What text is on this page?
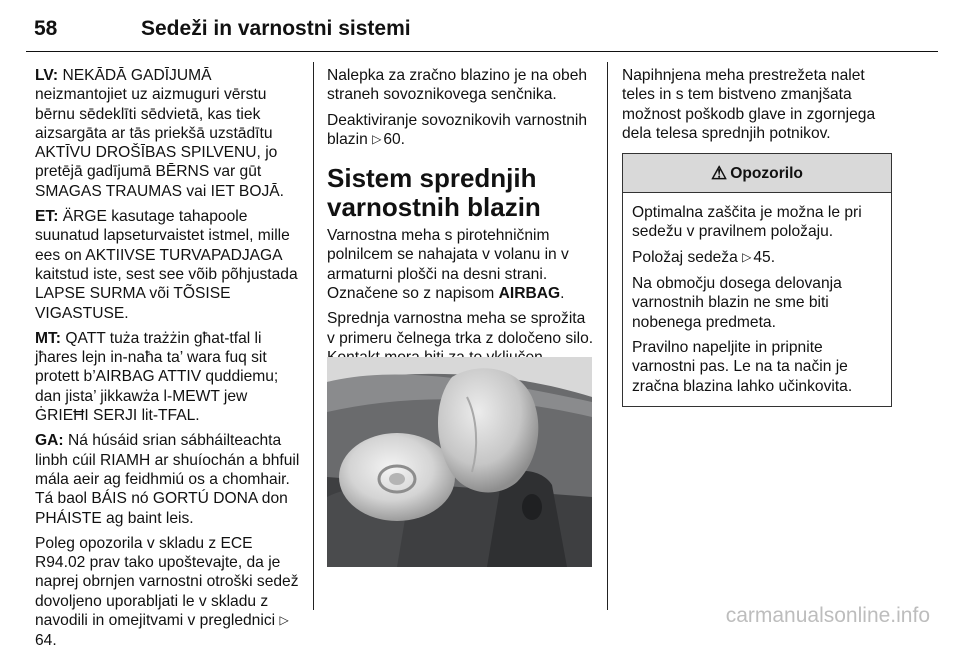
58	Sedeži in varnostni sistemi

LV: NEKĀDĀ GADĪJUMĀ neizmantojiet uz aizmuguri vērstu bērnu sēdeklīti sēdvietā, kas tiek aizsargāta ar tās priekšā uzstādītu AKTĪVU DROŠĪBAS SPILVENU, jo pretējā gadījumā BĒRNS var gūt SMAGAS TRAUMAS vai IET BOJĀ.

ET: ÄRGE kasutage tahapoole suunatud lapseturvaistet istmel, mille ees on AKTIIVSE TURVAPADJAGA kaitstud iste, sest see võib põhjustada LAPSE SURMA või TÕSISE VIGASTUSE.

MT: QATT tuża trażżin għat-tfal li jħares lejn in-naħa ta’ wara fuq sit protett b’AIRBAG ATTIV quddiemu; dan jista’ jikkawża l-MEWT jew ĠRIEĦI SERJI lit-TFAL.

GA: Ná húsáid srian sábháilteachta linbh cúil RIAMH ar shuíochán a bhfuil mála aeir ag feidhmiú os a chomhair. Tá baol BÁIS nó GORTÚ DONA don PHÁISTE ag baint leis.

Poleg opozorila v skladu z ECE R94.02 prav tako upoštevajte, da je naprej obrnjen varnostni otroški sedež dovoljeno uporabljati le v skladu z navodili in omejitvami v preglednici ▷64.

Nalepka za zračno blazino je na obeh straneh sovoznikovega senčnika.

Deaktiviranje sovoznikovih varnostnih blazin ▷ 60.

Sistem sprednjih varnostnih blazin

Varnostna meha s pirotehničnim polnilcem se nahajata v volanu in v armaturni plošči na desni strani. Označene so z napisom AIRBAG.

Sprednja varnostna meha se sprožita v primeru čelnega trka z določeno silo.

Napihnjena meha prestrežeta nalet teles in s tem bistveno zmanjšata možnost poškodb glave in zgornjega dela telesa sprednjih potnikov.

⚠ Opozorilo

Optimalna zaščita je možna le pri sedežu v pravilnem položaju.

Položaj sedeža ▷ 45.

Na območju dosega delovanja varnostnih blazin ne sme biti nobenega predmeta.

Pravilno napeljite in pripnite varnostni pas. Le na ta način je zračna blazina lahko učinkovita.

carmanualsonline.info
